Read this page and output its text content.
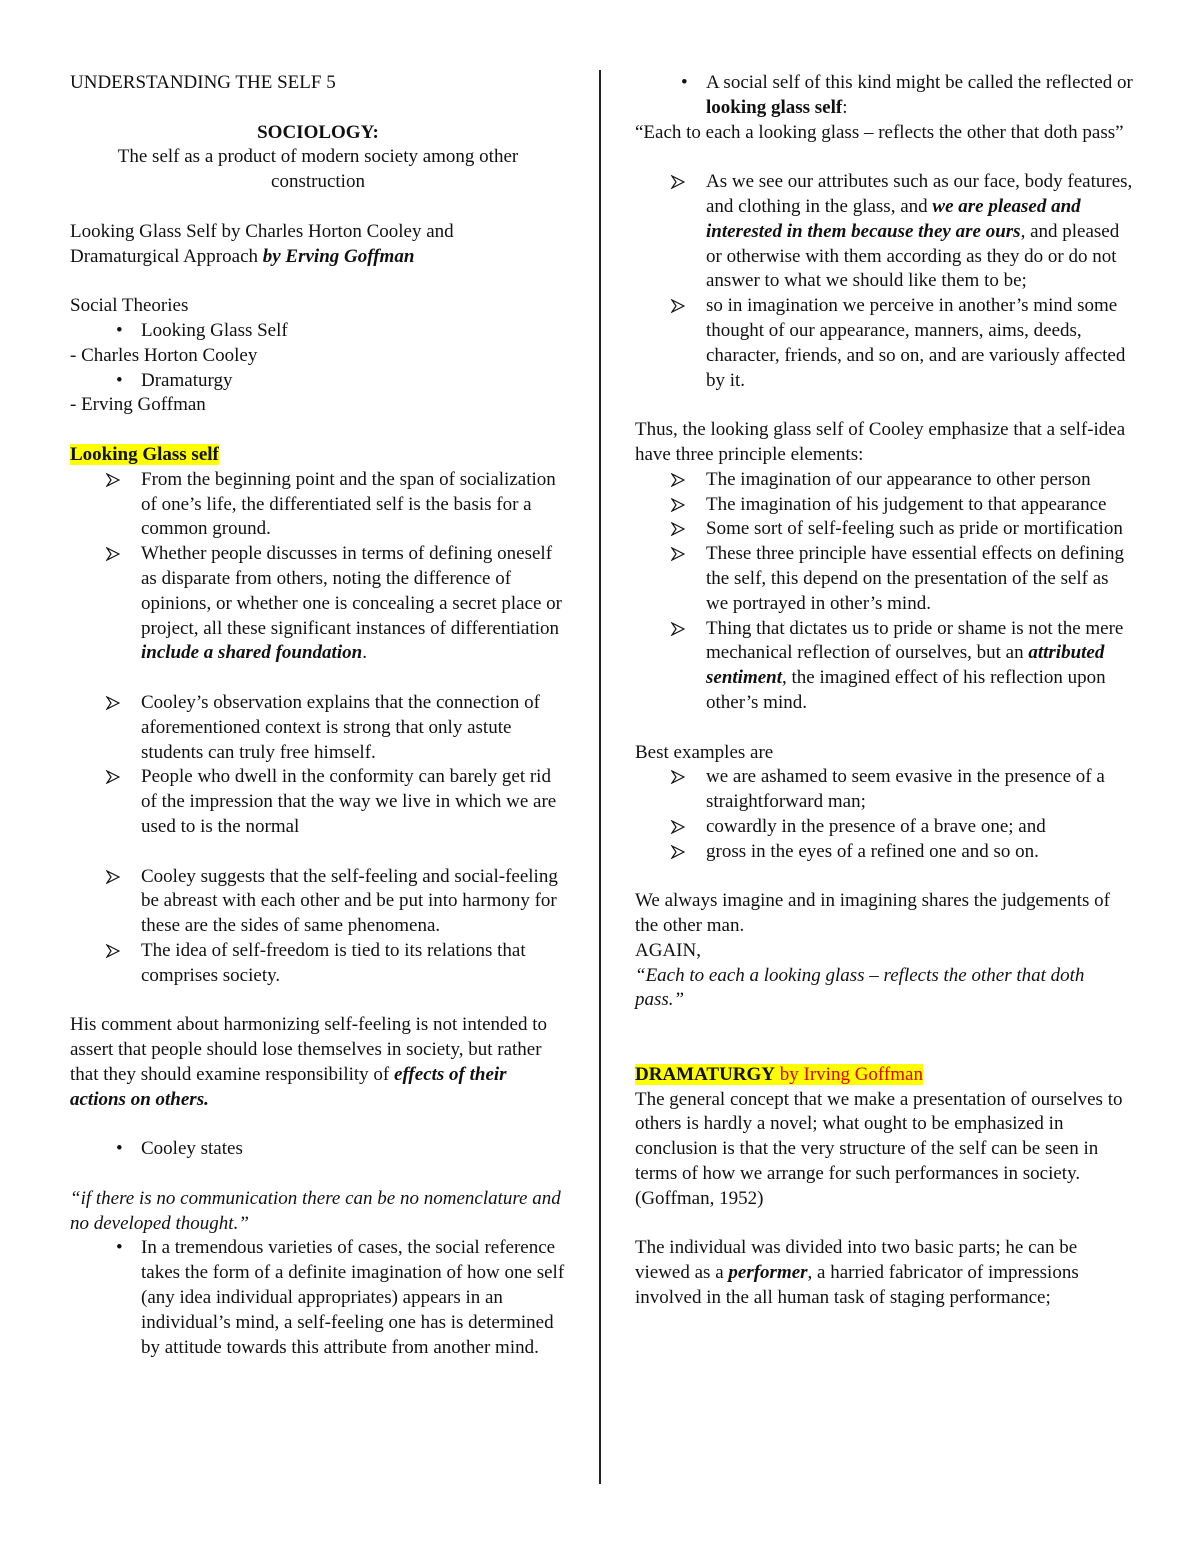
UNDERSTANDING THE SELF 5

SOCIOLOGY:

The self as a product of modern society among other construction

Looking Glass Self by Charles Horton Cooley and Dramaturgical Approach by Erving Goffman

Social Theories

• Looking Glass Self

- Charles Horton Cooley

• Dramaturgy

- Erving Goffman

Looking Glass self

From the beginning point and the span of socialization of one’s life, the differentiated self is the basis for a common ground.
Whether people discusses in terms of defining oneself as disparate from others, noting the difference of opinions, or whether one is concealing a secret place or project, all these significant instances of differentiation include a shared foundation.
Cooley’s observation explains that the connection of aforementioned context is strong that only astute students can truly free himself.
People who dwell in the conformity can barely get rid of the impression that the way we live in which we are used to is the normal
Cooley suggests that the self-feeling and social-feeling be abreast with each other and be put into harmony for these are the sides of same phenomena.
The idea of self-freedom is tied to its relations that comprises society.

His comment about harmonizing self-feeling is not intended to assert that people should lose themselves in society, but rather that they should examine responsibility of effects of their actions on others.

• Cooley states

“if there is no communication there can be no nomenclature and no developed thought.”

• In a tremendous varieties of cases, the social reference takes the form of a definite imagination of how one self (any idea individual appropriates) appears in an individual’s mind, a self-feeling one has is determined by attitude towards this attribute from another mind.
• A social self of this kind might be called the reflected or looking glass self:

“Each to each a looking glass – reflects the other that doth pass”

As we see our attributes such as our face, body features, and clothing in the glass, and we are pleased and interested in them because they are ours, and pleased or otherwise with them according as they do or do not answer to what we should like them to be;
so in imagination we perceive in another’s mind some thought of our appearance, manners, aims, deeds, character, friends, and so on, and are variously affected by it.

Thus, the looking glass self of Cooley emphasize that a self-idea have three principle elements:

The imagination of our appearance to other person
The imagination of his judgement to that appearance
Some sort of self-feeling such as pride or mortification
These three principle have essential effects on defining the self, this depend on the presentation of the self as we portrayed in other’s mind.
Thing that dictates us to pride or shame is not the mere mechanical reflection of ourselves, but an attributed sentiment, the imagined effect of his reflection upon other’s mind.

Best examples are

we are ashamed to seem evasive in the presence of a straightforward man;
cowardly in the presence of a brave one; and
gross in the eyes of a refined one and so on.

We always imagine and in imagining shares the judgements of the other man.

AGAIN,

“Each to each a looking glass – reflects the other that doth pass.”

DRAMATURGY by Irving Goffman

The general concept that we make a presentation of ourselves to others is hardly a novel; what ought to be emphasized in conclusion is that the very structure of the self can be seen in terms of how we arrange for such performances in society.(Goffman, 1952)

The individual was divided into two basic parts; he can be viewed as a performer, a harried fabricator of impressions involved in the all human task of staging performance;
